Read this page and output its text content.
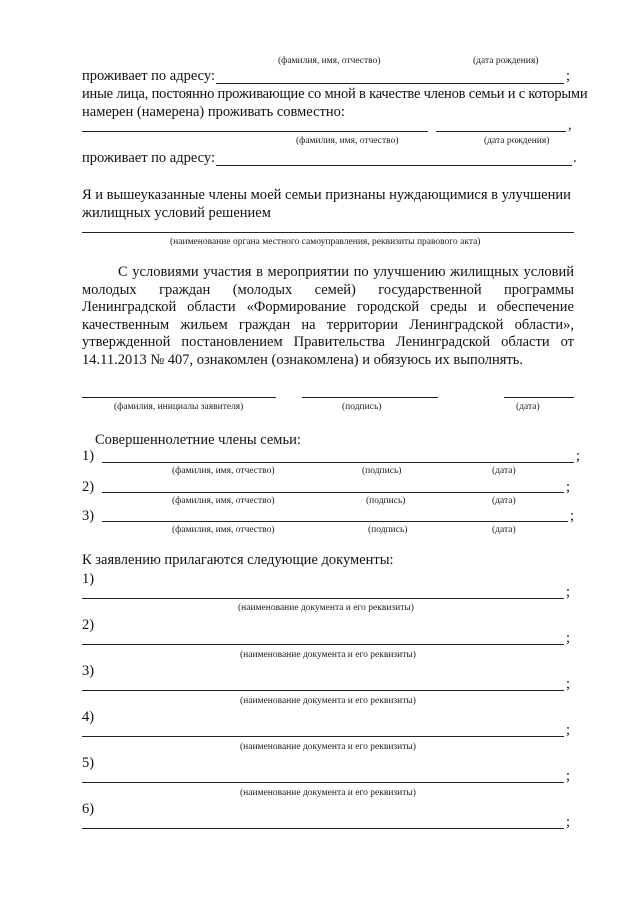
(фамилия, имя, отчество)	(дата рождения)
проживает по адресу:	;
иные лица, постоянно проживающие со мной в качестве членов семьи и с которыми
намерен (намерена) проживать совместно:
,
(фамилия, имя, отчество)	(дата рождения)
проживает по адресу:	.
Я и вышеуказанные члены моей семьи признаны нуждающимися в улучшении
жилищных условий решением
(наименование органа местного самоуправления, реквизиты правового акта)

С условиями участия в мероприятии по улучшению жилищных условий молодых граждан (молодых семей) государственной программы Ленинградской области «Формирование городской среды и обеспечение качественным жильем граждан на территории Ленинградской области», утвержденной постановлением Правительства Ленинградской области от 14.11.2013 № 407, ознакомлен (ознакомлена) и обязуюсь их выполнять.

(фамилия, инициалы заявителя)	(подпись)	(дата)
Совершеннолетние члены семьи:
1)	;
(фамилия, имя, отчество)	(подпись)	(дата)
2)	;
(фамилия, имя, отчество)	(подпись)	(дата)
3)	;
(фамилия, имя, отчество)	(подпись)	(дата)
К заявлению прилагаются следующие документы:
1)
;
(наименование документа и его реквизиты)
2)
;
(наименование документа и его реквизиты)
3)
;
(наименование документа и его реквизиты)
4)
;
(наименование документа и его реквизиты)
5)
;
(наименование документа и его реквизиты)
6)
;
